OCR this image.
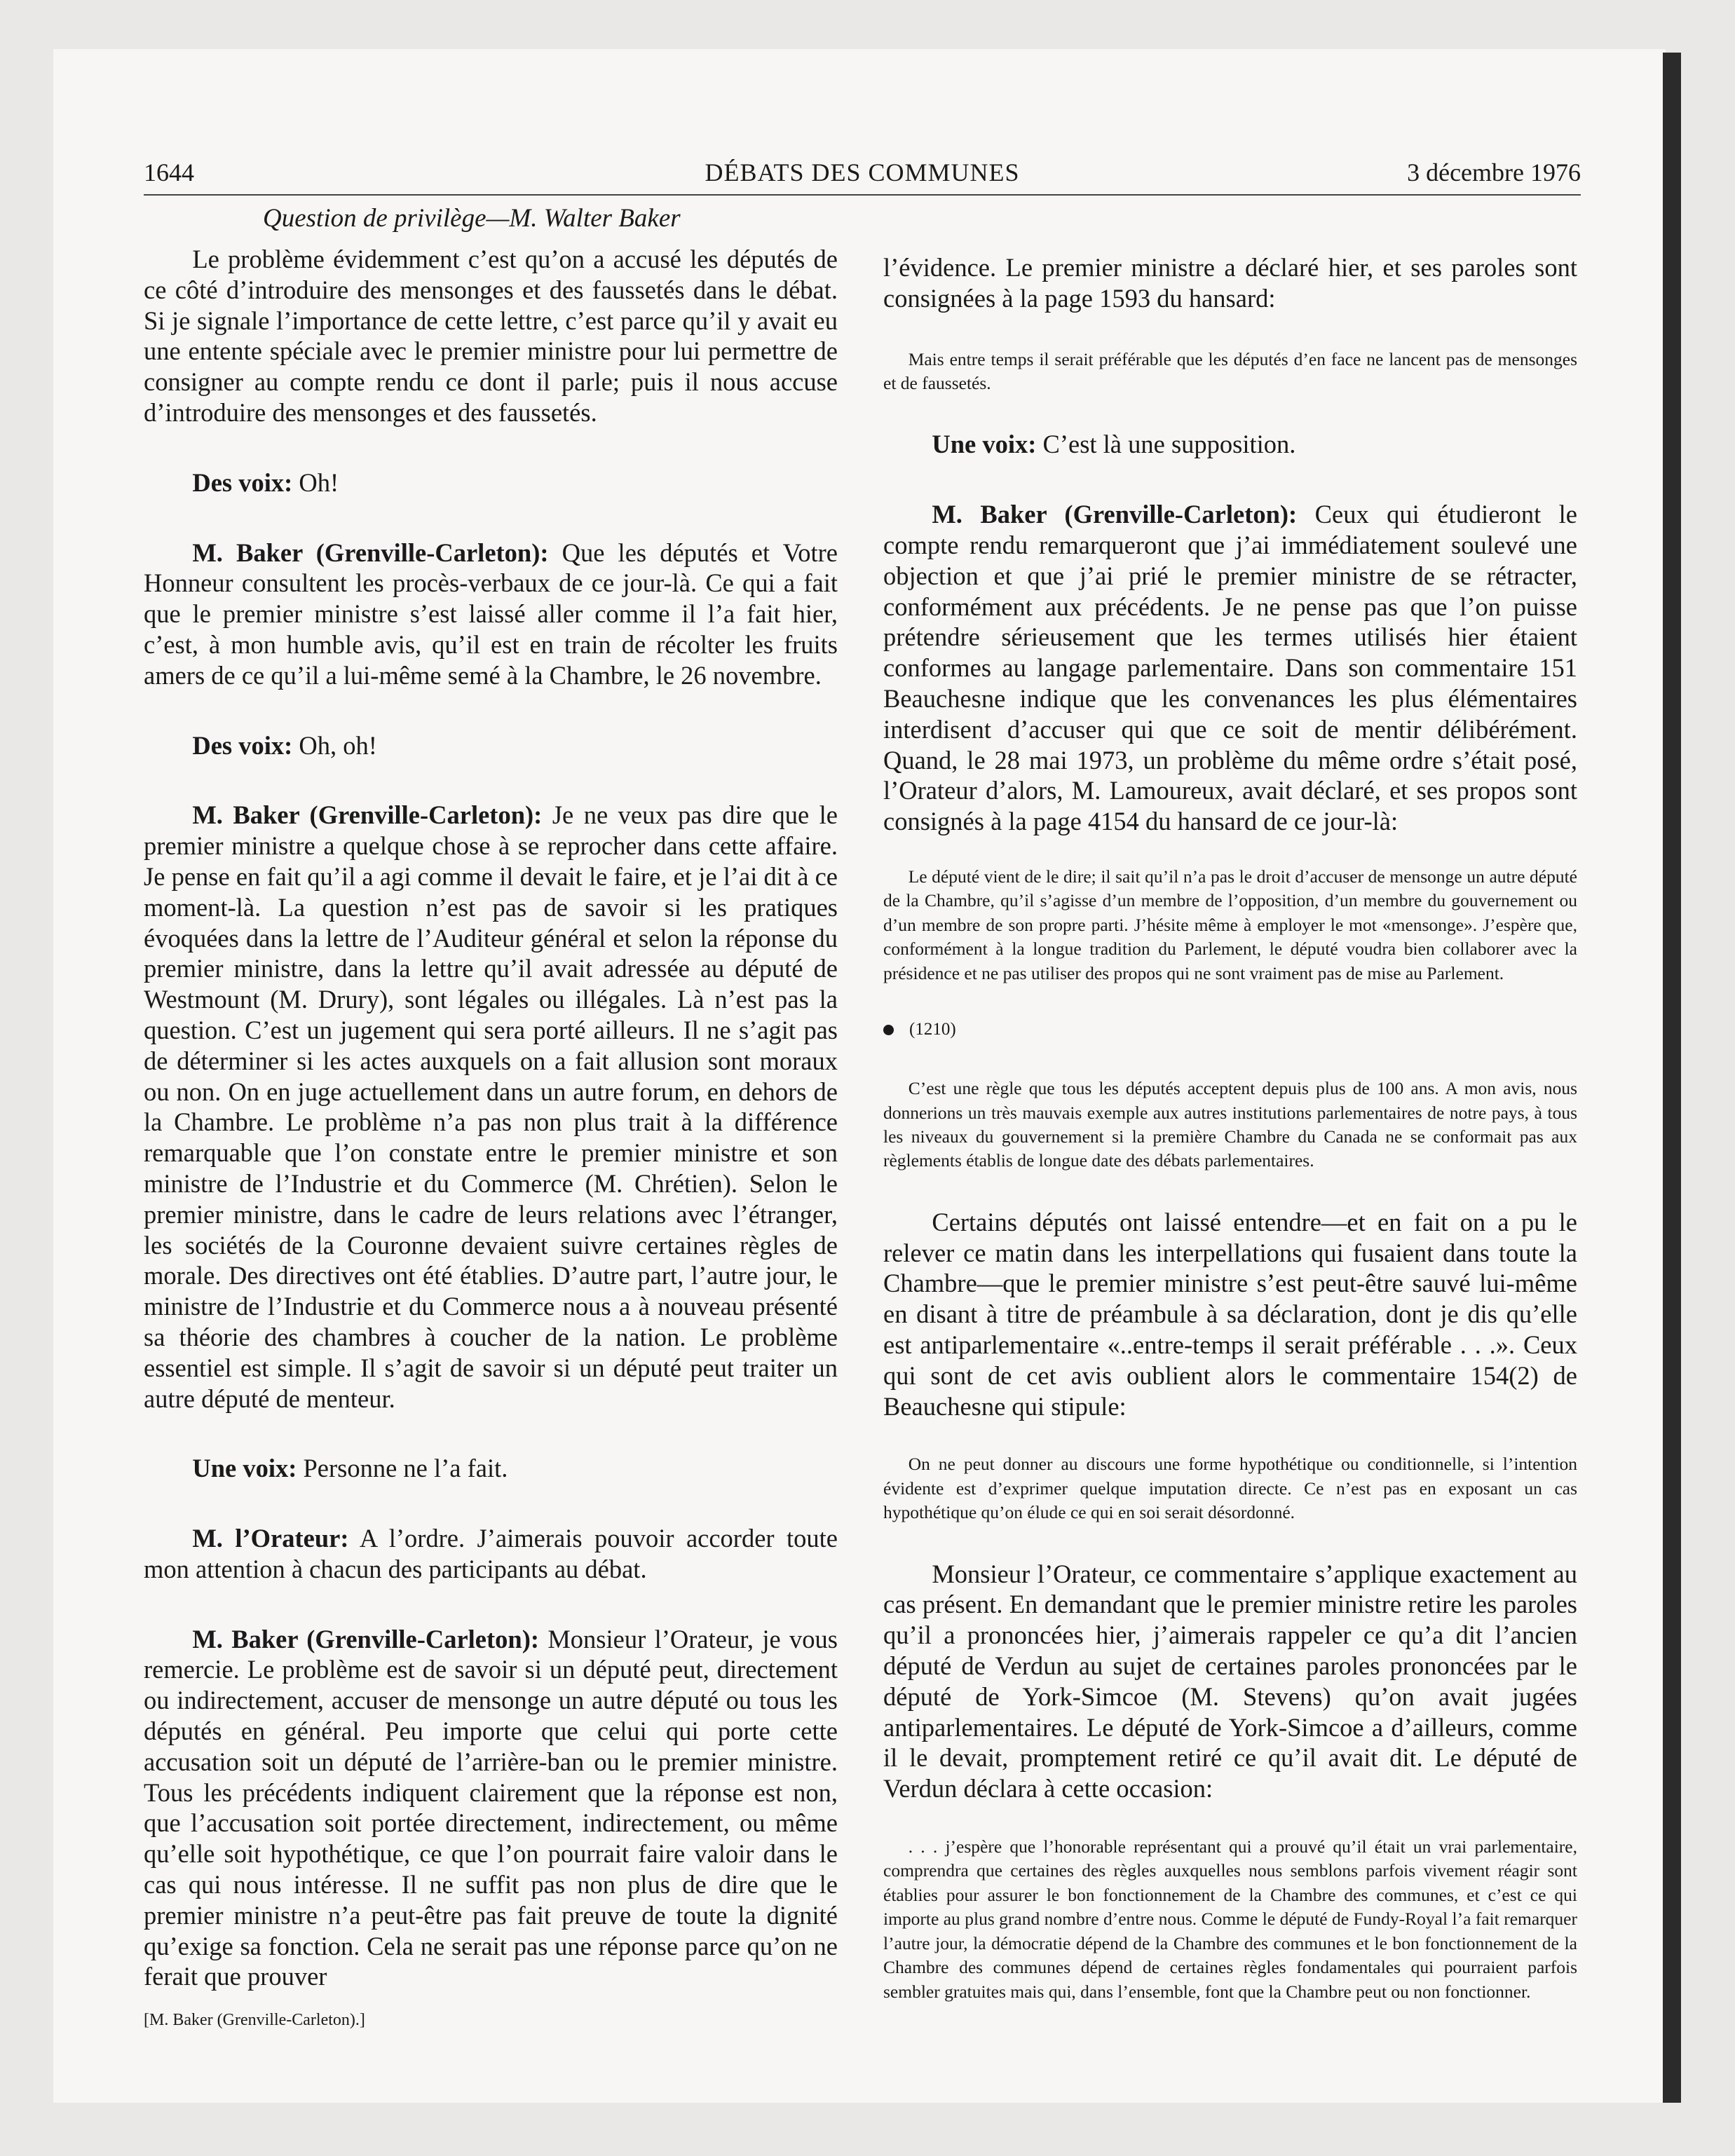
1644	DÉBATS DES COMMUNES	3 décembre 1976
Question de privilège—M. Walter Baker

Le problème évidemment c’est qu’on a accusé les députés de ce côté d’introduire des mensonges et des faussetés dans le débat. Si je signale l’importance de cette lettre, c’est parce qu’il y avait eu une entente spéciale avec le premier ministre pour lui permettre de consigner au compte rendu ce dont il parle; puis il nous accuse d’introduire des mensonges et des faussetés.

Des voix: Oh!

M. Baker (Grenville-Carleton): Que les députés et Votre Honneur consultent les procès-verbaux de ce jour-là. Ce qui a fait que le premier ministre s’est laissé aller comme il l’a fait hier, c’est, à mon humble avis, qu’il est en train de récolter les fruits amers de ce qu’il a lui-même semé à la Chambre, le 26 novembre.

Des voix: Oh, oh!

M. Baker (Grenville-Carleton): Je ne veux pas dire que le premier ministre a quelque chose à se reprocher dans cette affaire. Je pense en fait qu’il a agi comme il devait le faire, et je l’ai dit à ce moment-là. La question n’est pas de savoir si les pratiques évoquées dans la lettre de l’Auditeur général et selon la réponse du premier ministre, dans la lettre qu’il avait adressée au député de Westmount (M. Drury), sont légales ou illégales. Là n’est pas la question. C’est un jugement qui sera porté ailleurs. Il ne s’agit pas de déterminer si les actes auxquels on a fait allusion sont moraux ou non. On en juge actuellement dans un autre forum, en dehors de la Chambre. Le problème n’a pas non plus trait à la différence remarquable que l’on constate entre le premier ministre et son ministre de l’Industrie et du Commerce (M. Chrétien). Selon le premier ministre, dans le cadre de leurs relations avec l’étranger, les sociétés de la Couronne devaient suivre certaines règles de morale. Des directives ont été établies. D’autre part, l’autre jour, le ministre de l’Industrie et du Commerce nous a à nouveau présenté sa théorie des chambres à coucher de la nation. Le problème essentiel est simple. Il s’agit de savoir si un député peut traiter un autre député de menteur.

Une voix: Personne ne l’a fait.

M. l’Orateur: A l’ordre. J’aimerais pouvoir accorder toute mon attention à chacun des participants au débat.

M. Baker (Grenville-Carleton): Monsieur l’Orateur, je vous remercie. Le problème est de savoir si un député peut, directement ou indirectement, accuser de mensonge un autre député ou tous les députés en général. Peu importe que celui qui porte cette accusation soit un député de l’arrière-ban ou le premier ministre. Tous les précédents indiquent clairement que la réponse est non, que l’accusation soit portée directement, indirectement, ou même qu’elle soit hypothétique, ce que l’on pourrait faire valoir dans le cas qui nous intéresse. Il ne suffit pas non plus de dire que le premier ministre n’a peut-être pas fait preuve de toute la dignité qu’exige sa fonction. Cela ne serait pas une réponse parce qu’on ne ferait que prouver

[M. Baker (Grenville-Carleton).]

l’évidence. Le premier ministre a déclaré hier, et ses paroles sont consignées à la page 1593 du hansard:

Mais entre temps il serait préférable que les députés d’en face ne lancent pas de mensonges et de faussetés.

Une voix: C’est là une supposition.

M. Baker (Grenville-Carleton): Ceux qui étudieront le compte rendu remarqueront que j’ai immédiatement soulevé une objection et que j’ai prié le premier ministre de se rétracter, conformément aux précédents. Je ne pense pas que l’on puisse prétendre sérieusement que les termes utilisés hier étaient conformes au langage parlementaire. Dans son commentaire 151 Beauchesne indique que les convenances les plus élémentaires interdisent d’accuser qui que ce soit de mentir délibérément. Quand, le 28 mai 1973, un problème du même ordre s’était posé, l’Orateur d’alors, M. Lamoureux, avait déclaré, et ses propos sont consignés à la page 4154 du hansard de ce jour-là:

Le député vient de le dire; il sait qu’il n’a pas le droit d’accuser de mensonge un autre député de la Chambre, qu’il s’agisse d’un membre de l’opposition, d’un membre du gouvernement ou d’un membre de son propre parti. J’hésite même à employer le mot «mensonge». J’espère que, conformément à la longue tradition du Parlement, le député voudra bien collaborer avec la présidence et ne pas utiliser des propos qui ne sont vraiment pas de mise au Parlement.

(1210)

C’est une règle que tous les députés acceptent depuis plus de 100 ans. A mon avis, nous donnerions un très mauvais exemple aux autres institutions parlementaires de notre pays, à tous les niveaux du gouvernement si la première Chambre du Canada ne se conformait pas aux règlements établis de longue date des débats parlementaires.

Certains députés ont laissé entendre—et en fait on a pu le relever ce matin dans les interpellations qui fusaient dans toute la Chambre—que le premier ministre s’est peut-être sauvé lui-même en disant à titre de préambule à sa déclaration, dont je dis qu’elle est antiparlementaire «..entre-temps il serait préférable . . .». Ceux qui sont de cet avis oublient alors le commentaire 154(2) de Beauchesne qui stipule:

On ne peut donner au discours une forme hypothétique ou conditionnelle, si l’intention évidente est d’exprimer quelque imputation directe. Ce n’est pas en exposant un cas hypothétique qu’on élude ce qui en soi serait désordonné.

Monsieur l’Orateur, ce commentaire s’applique exactement au cas présent. En demandant que le premier ministre retire les paroles qu’il a prononcées hier, j’aimerais rappeler ce qu’a dit l’ancien député de Verdun au sujet de certaines paroles prononcées par le député de York-Simcoe (M. Stevens) qu’on avait jugées antiparlementaires. Le député de York-Simcoe a d’ailleurs, comme il le devait, promptement retiré ce qu’il avait dit. Le député de Verdun déclara à cette occasion:

. . . j’espère que l’honorable représentant qui a prouvé qu’il était un vrai parlementaire, comprendra que certaines des règles auxquelles nous semblons parfois vivement réagir sont établies pour assurer le bon fonctionnement de la Chambre des communes, et c’est ce qui importe au plus grand nombre d’entre nous. Comme le député de Fundy-Royal l’a fait remarquer l’autre jour, la démocratie dépend de la Chambre des communes et le bon fonctionnement de la Chambre des communes dépend de certaines règles fondamentales qui pourraient parfois sembler gratuites mais qui, dans l’ensemble, font que la Chambre peut ou non fonctionner.
